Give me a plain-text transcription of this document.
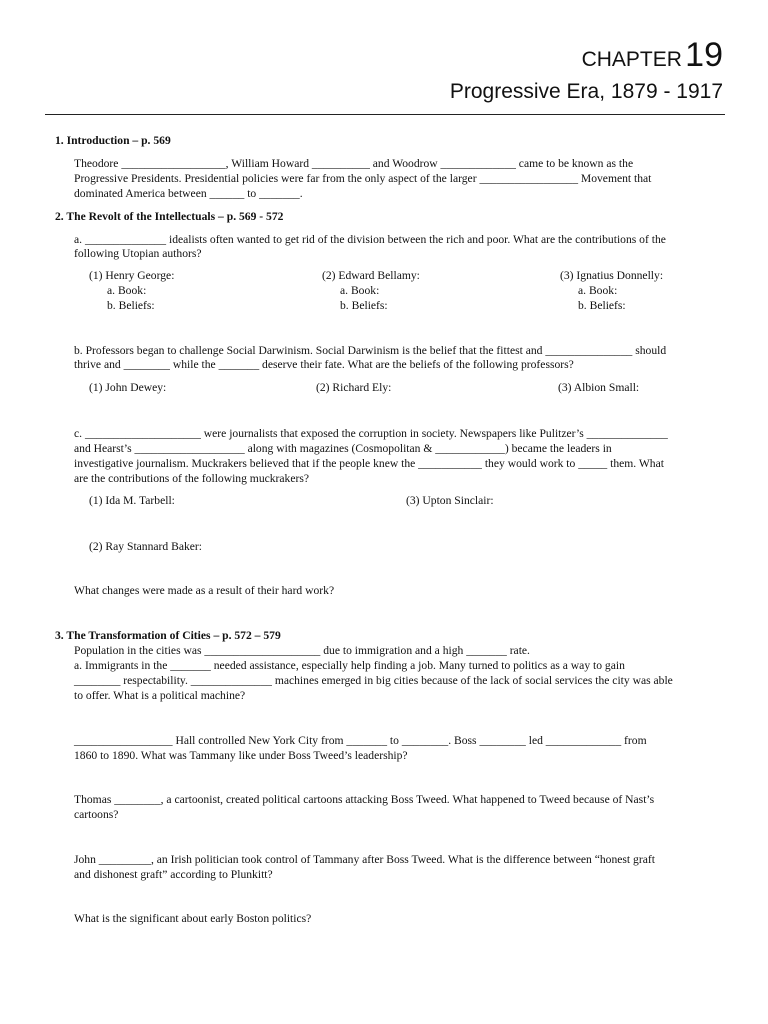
CHAPTER 19
Progressive Era, 1879 - 1917
1. Introduction – p. 569
Theodore __________________, William Howard __________ and Woodrow _____________ came to be known as the
Progressive Presidents. Presidential policies were far from the only aspect of the larger _________________ Movement that
dominated America between ______ to _______.
2. The Revolt of the Intellectuals – p. 569 - 572
a. ______________ idealists often wanted to get rid of the division between the rich and poor. What are the contributions of the
following Utopian authors?
(1) Henry George:
a. Book:
b. Beliefs:
(2) Edward Bellamy:
a. Book:
b. Beliefs:
(3) Ignatius Donnelly:
a. Book:
b. Beliefs:
b. Professors began to challenge Social Darwinism. Social Darwinism is the belief that the fittest and _______________ should
thrive and ________ while the _______ deserve their fate. What are the beliefs of the following professors?
(1) John Dewey:	(2) Richard Ely:	(3) Albion Small:
c. ____________________ were journalists that exposed the corruption in society. Newspapers like Pulitzer’s ______________
and Hearst’s ___________________ along with magazines (Cosmopolitan & ____________) became the leaders in
investigative journalism. Muckrakers believed that if the people knew the ___________ they would work to _____ them. What
are the contributions of the following muckrakers?
(1) Ida M. Tarbell:	(3) Upton Sinclair:
(2) Ray Stannard Baker:
What changes were made as a result of their hard work?
3. The Transformation of Cities – p. 572 – 579
Population in the cities was ____________________ due to immigration and a high _______ rate.
a. Immigrants in the _______ needed assistance, especially help finding a job. Many turned to politics as a way to gain
________ respectability. ______________ machines emerged in big cities because of the lack of social services the city was able
to offer. What is a political machine?
_________________ Hall controlled New York City from _______ to ________. Boss ________ led _____________ from
1860 to 1890. What was Tammany like under Boss Tweed’s leadership?
Thomas ________, a cartoonist, created political cartoons attacking Boss Tweed. What happened to Tweed because of Nast’s
cartoons?
John _________, an Irish politician took control of Tammany after Boss Tweed. What is the difference between “honest graft
and dishonest graft” according to Plunkitt?
What is the significant about early Boston politics?
